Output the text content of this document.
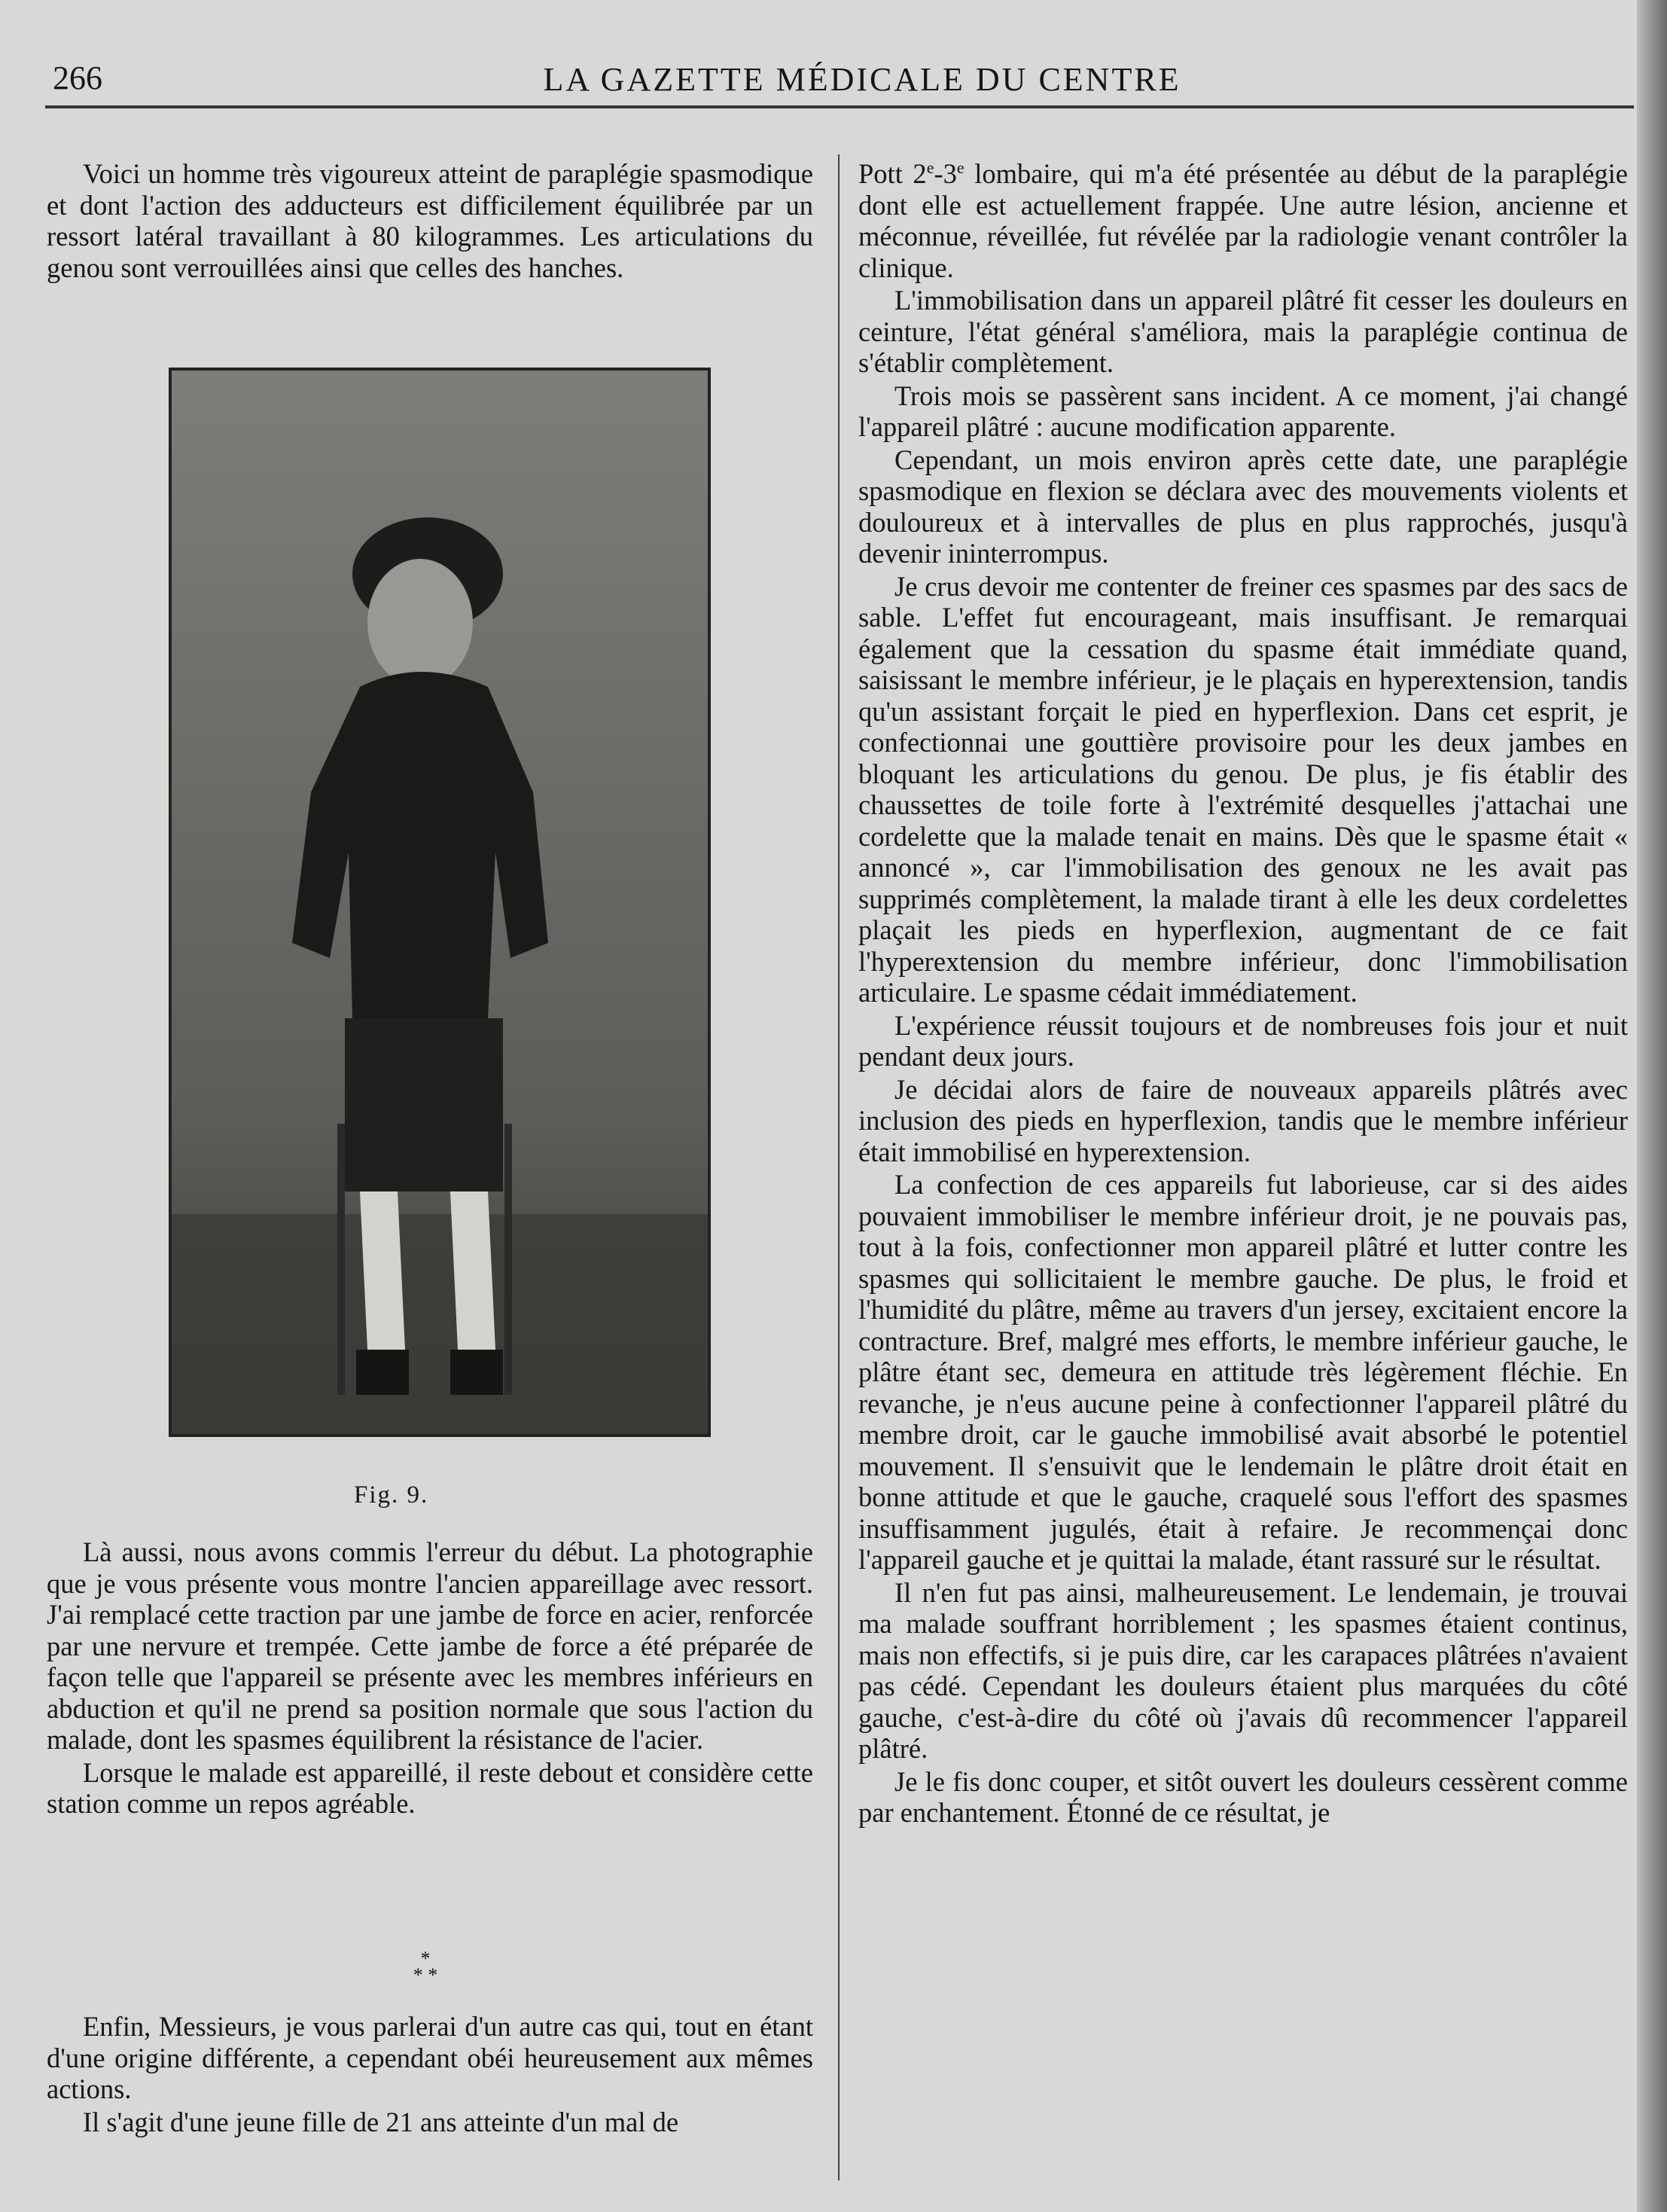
266	LA GAZETTE MÉDICALE DU CENTRE

Voici un homme très vigoureux atteint de paraplégie spasmodique et dont l'action des adducteurs est difficilement équilibrée par un ressort latéral travaillant à 80 kilogrammes. Les articulations du genou sont verrouillées ainsi que celles des hanches.

Fig. 9.

Là aussi, nous avons commis l'erreur du début. La photographie que je vous présente vous montre l'ancien appareillage avec ressort. J'ai remplacé cette traction par une jambe de force en acier, renforcée par une nervure et trempée. Cette jambe de force a été préparée de façon telle que l'appareil se présente avec les membres inférieurs en abduction et qu'il ne prend sa position normale que sous l'action du malade, dont les spasmes équilibrent la résistance de l'acier.

Lorsque le malade est appareillé, il reste debout et considère cette station comme un repos agréable.

*
* *

Enfin, Messieurs, je vous parlerai d'un autre cas qui, tout en étant d'une origine différente, a cependant obéi heureusement aux mêmes actions.

Il s'agit d'une jeune fille de 21 ans atteinte d'un mal de

Pott 2e-3e lombaire, qui m'a été présentée au début de la paraplégie dont elle est actuellement frappée. Une autre lésion, ancienne et méconnue, réveillée, fut révélée par la radiologie venant contrôler la clinique.

L'immobilisation dans un appareil plâtré fit cesser les douleurs en ceinture, l'état général s'améliora, mais la paraplégie continua de s'établir complètement.

Trois mois se passèrent sans incident. A ce moment, j'ai changé l'appareil plâtré : aucune modification apparente.

Cependant, un mois environ après cette date, une paraplégie spasmodique en flexion se déclara avec des mouvements violents et douloureux et à intervalles de plus en plus rapprochés, jusqu'à devenir ininterrompus.

Je crus devoir me contenter de freiner ces spasmes par des sacs de sable. L'effet fut encourageant, mais insuffisant. Je remarquai également que la cessation du spasme était immédiate quand, saisissant le membre inférieur, je le plaçais en hyperextension, tandis qu'un assistant forçait le pied en hyperflexion. Dans cet esprit, je confectionnai une gouttière provisoire pour les deux jambes en bloquant les articulations du genou. De plus, je fis établir des chaussettes de toile forte à l'extrémité desquelles j'attachai une cordelette que la malade tenait en mains. Dès que le spasme était « annoncé », car l'immobilisation des genoux ne les avait pas supprimés complètement, la malade tirant à elle les deux cordelettes plaçait les pieds en hyperflexion, augmentant de ce fait l'hyperextension du membre inférieur, donc l'immobilisation articulaire. Le spasme cédait immédiatement.

L'expérience réussit toujours et de nombreuses fois jour et nuit pendant deux jours.

Je décidai alors de faire de nouveaux appareils plâtrés avec inclusion des pieds en hyperflexion, tandis que le membre inférieur était immobilisé en hyperextension.

La confection de ces appareils fut laborieuse, car si des aides pouvaient immobiliser le membre inférieur droit, je ne pouvais pas, tout à la fois, confectionner mon appareil plâtré et lutter contre les spasmes qui sollicitaient le membre gauche. De plus, le froid et l'humidité du plâtre, même au travers d'un jersey, excitaient encore la contracture. Bref, malgré mes efforts, le membre inférieur gauche, le plâtre étant sec, demeura en attitude très légèrement fléchie. En revanche, je n'eus aucune peine à confectionner l'appareil plâtré du membre droit, car le gauche immobilisé avait absorbé le potentiel mouvement. Il s'ensuivit que le lendemain le plâtre droit était en bonne attitude et que le gauche, craquelé sous l'effort des spasmes insuffisamment jugulés, était à refaire. Je recommençai donc l'appareil gauche et je quittai la malade, étant rassuré sur le résultat.

Il n'en fut pas ainsi, malheureusement. Le lendemain, je trouvai ma malade souffrant horriblement ; les spasmes étaient continus, mais non effectifs, si je puis dire, car les carapaces plâtrées n'avaient pas cédé. Cependant les douleurs étaient plus marquées du côté gauche, c'est-à-dire du côté où j'avais dû recommencer l'appareil plâtré.

Je le fis donc couper, et sitôt ouvert les douleurs cessèrent comme par enchantement. Étonné de ce résultat, je
